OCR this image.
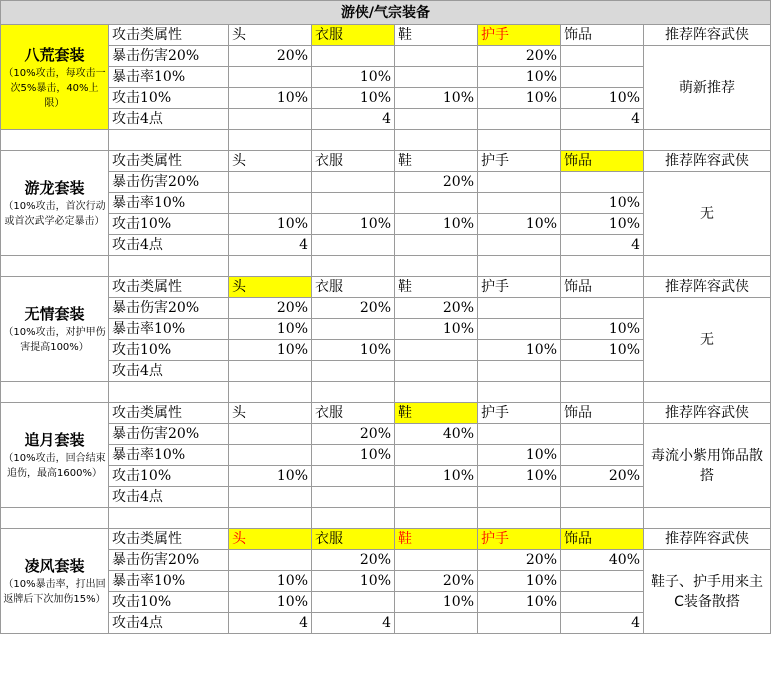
游侠/气宗装备							

八荒套装
（10%攻击，每攻击一次5%暴击，40%上限）	攻击类属性	头	衣服	鞋	护手	饰品	推荐阵容武侠
	暴击伤害20%	20%			20%		萌新推荐
	暴击率10%		10%		10%		
	攻击10%	10%	10%	10%	10%	10%	
	攻击4点		4			4	

游龙套装
（10%攻击，首次行动或首次武学必定暴击）	攻击类属性	头	衣服	鞋	护手	饰品	推荐阵容武侠
	暴击伤害20%			20%			无
	暴击率10%					10%	
	攻击10%	10%	10%	10%	10%	10%	
	攻击4点	4				4	

无情套装
（10%攻击，对护甲伤害提高100%）	攻击类属性	头	衣服	鞋	护手	饰品	推荐阵容武侠
	暴击伤害20%	20%	20%	20%			无
	暴击率10%	10%		10%		10%	
	攻击10%	10%	10%		10%	10%	
	攻击4点						

追月套装
（10%攻击，回合结束追伤，最高1600%）	攻击类属性	头	衣服	鞋	护手	饰品	推荐阵容武侠
	暴击伤害20%		20%	40%			毒流小紫用饰品散搭
	暴击率10%		10%		10%		
	攻击10%	10%		10%	10%	20%	
	攻击4点						

凌风套装
（10%暴击率，打出回返牌后下次加伤15%）	攻击类属性	头	衣服	鞋	护手	饰品	推荐阵容武侠
	暴击伤害20%		20%		20%	40%	鞋子、护手用来主C装备散搭
	暴击率10%	10%	10%	20%	10%		
	攻击10%	10%		10%	10%		
	攻击4点	4	4			4	
